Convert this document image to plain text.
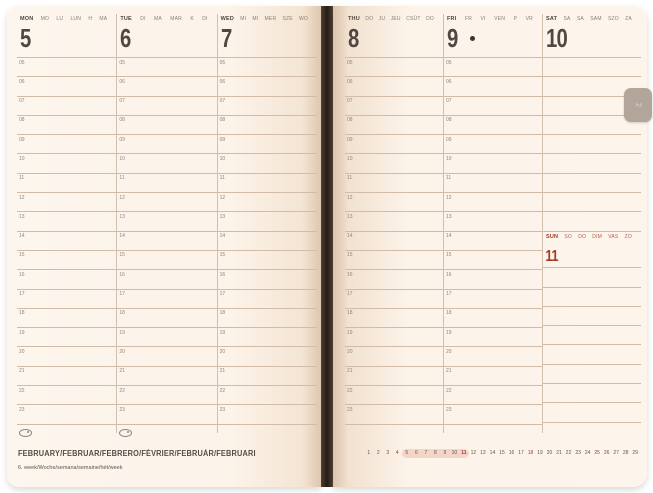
MON MO LU LUN H MA
5
05
06
07
08
09
10
11
12
13
14
15
16
17
18
19
20
21
22
23
TUE DI MA MAR K DI
6
05
06
07
08
09
10
11
12
13
14
15
16
17
18
19
20
21
22
23
WED MI MI MER SZE WO
7
05
06
07
08
09
10
11
12
13
14
15
16
17
18
19
20
21
22
23
FEBRUARY/FEBRUAR/FEBRERO/FÉVRIER/FEBRUÁR/FEBRUARI
6. week/Woche/semana/semaine/hét/week
THU DO JU JEU CSÜT DO
8
05
06
07
08
09
10
11
12
13
14
15
16
17
18
19
20
21
22
23
FRI FR VI VEN P VR
9
05
06
07
08
09
10
11
12
13
14
15
16
17
18
19
20
21
22
23
SAT SA SA SAM SZO ZA
10
SUN SO DO DIM VAS ZO
11
1	2	3	4	5	6	7	8	9	10 11 12 13 14 15 16 17 18 19 20 21 22 23 24 25 26 27 28 29
2
